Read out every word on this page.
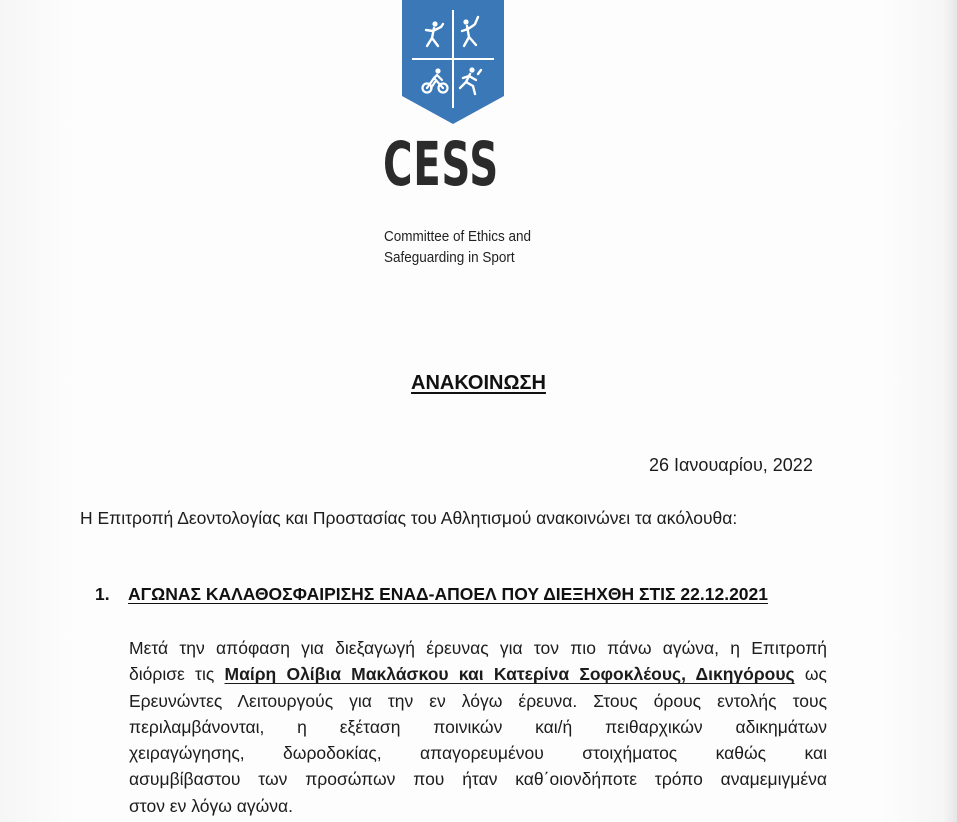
CESS
Committee of Ethics and
Safeguarding in Sport
ΑΝΑΚΟΙΝΩΣΗ
26 Ιανουαρίου, 2022
Η Επιτροπή Δεοντολογίας και Προστασίας του Αθλητισμού ανακοινώνει τα ακόλουθα:
1. ΑΓΩΝΑΣ ΚΑΛΑΘΟΣΦΑΙΡΙΣΗΣ ΕΝΑΔ-ΑΠΟΕΛ ΠΟΥ ΔΙΕΞΗΧΘΗ ΣΤΙΣ 22.12.2021
Μετά την απόφαση για διεξαγωγή έρευνας για τον πιο πάνω αγώνα, η Επιτροπή
διόρισε τις Μαίρη Ολίβια Μακλάσκου και Κατερίνα Σοφοκλέους, Δικηγόρους ως
Ερευνώντες Λειτουργούς για την εν λόγω έρευνα. Στους όρους εντολής τους
περιλαμβάνονται, η εξέταση ποινικών και/ή πειθαρχικών αδικημάτων
χειραγώγησης, δωροδοκίας, απαγορευμένου στοιχήματος καθώς και
ασυμβίβαστου των προσώπων που ήταν καθ΄οιονδήποτε τρόπο αναμεμιγμένα
στον εν λόγω αγώνα.
